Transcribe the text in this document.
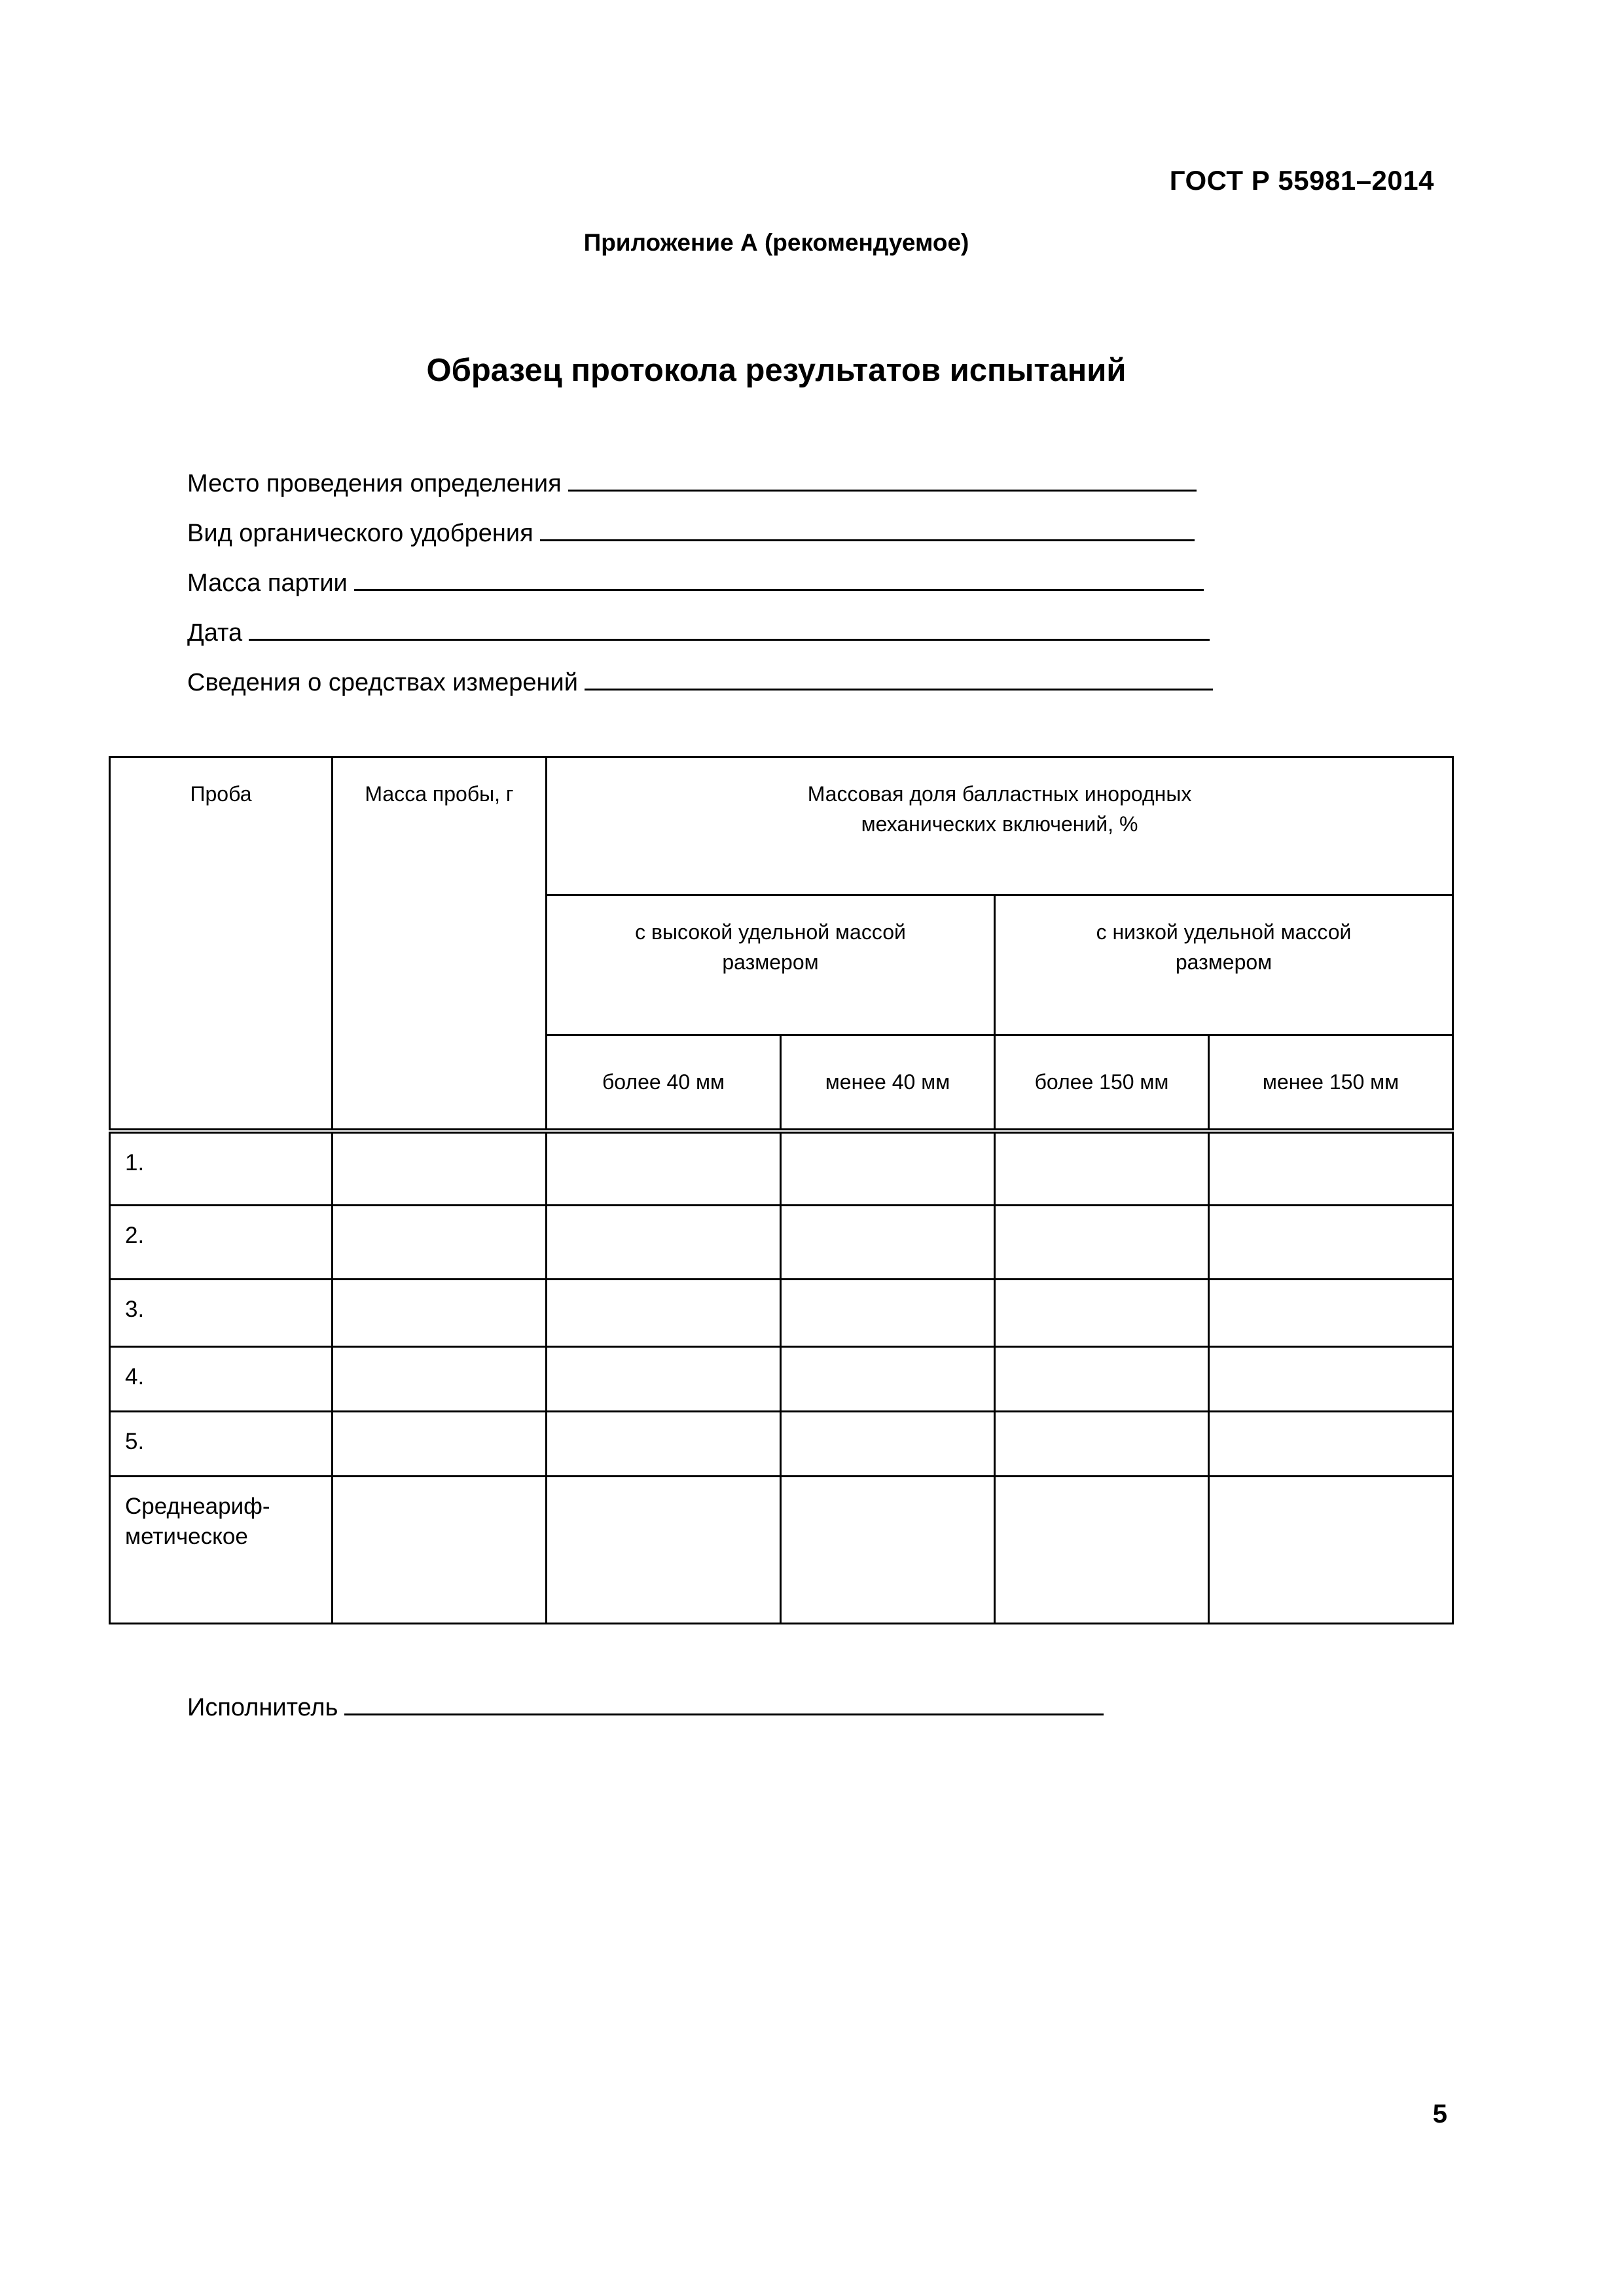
ГОСТ Р 55981–2014
Приложение А (рекомендуемое)
Образец протокола результатов испытаний
Место проведения определения
Вид органического удобрения
Масса партии
Дата
Сведения о средствах измерений
Проба	Масса пробы, г	Массовая доля балластных инородных механических включений, %			
		с высокой удельной массой размером		с низкой удельной массой размером	
		более 40 мм	менее 40 мм	более 150 мм	менее 150 мм
1.					
2.					
3.					
4.					
5.					
Среднеариф-метическое					
Исполнитель
5
